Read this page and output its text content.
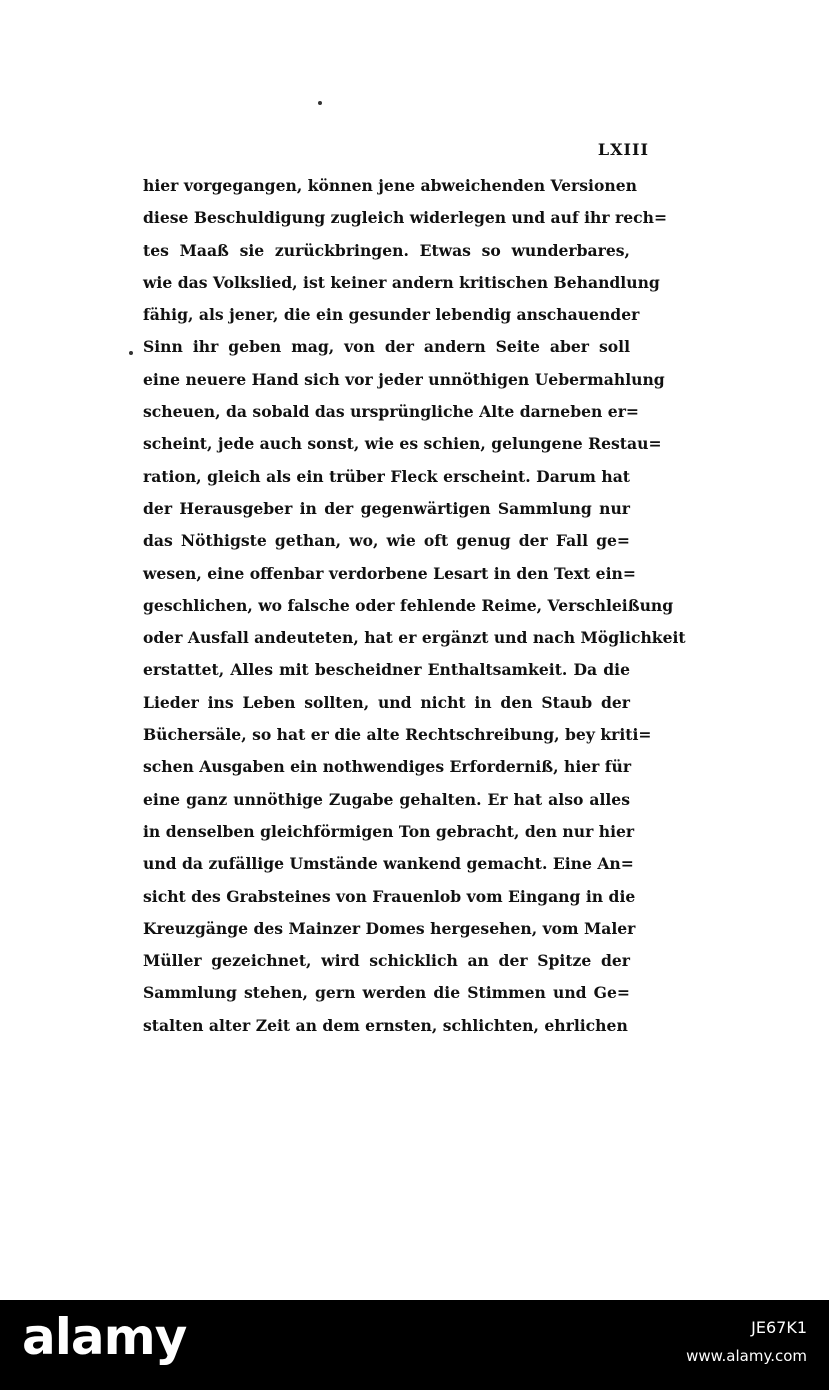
LXIII
hier vorgegangen, können jene abweichenden Versionen
diese Beschuldigung zugleich widerlegen und auf ihr rech=
tes Maaß sie zurückbringen. Etwas so wunderbares,
wie das Volkslied, ist keiner andern kritischen Behandlung
fähig, als jener, die ein gesunder lebendig anschauender
Sinn ihr geben mag, von der andern Seite aber soll
eine neuere Hand sich vor jeder unnöthigen Uebermahlung
scheuen, da sobald das ursprüngliche Alte darneben er=
scheint, jede auch sonst, wie es schien, gelungene Restau=
ration, gleich als ein trüber Fleck erscheint. Darum hat
der Herausgeber in der gegenwärtigen Sammlung nur
das Nöthigste gethan, wo, wie oft genug der Fall ge=
wesen, eine offenbar verdorbene Lesart in den Text ein=
geschlichen, wo falsche oder fehlende Reime, Verschleißung
oder Ausfall andeuteten, hat er ergänzt und nach Möglichkeit
erstattet, Alles mit bescheidner Enthaltsamkeit. Da die
Lieder ins Leben sollten, und nicht in den Staub der
Büchersäle, so hat er die alte Rechtschreibung, bey kriti=
schen Ausgaben ein nothwendiges Erforderniß, hier für
eine ganz unnöthige Zugabe gehalten. Er hat also alles
in denselben gleichförmigen Ton gebracht, den nur hier
und da zufällige Umstände wankend gemacht. Eine An=
sicht des Grabsteines von Frauenlob vom Eingang in die
Kreuzgänge des Mainzer Domes hergesehen, vom Maler
Müller gezeichnet, wird schicklich an der Spitze der
Sammlung stehen, gern werden die Stimmen und Ge=
stalten alter Zeit an dem ernsten, schlichten, ehrlichen
alamy	JE67K1
www.alamy.com
